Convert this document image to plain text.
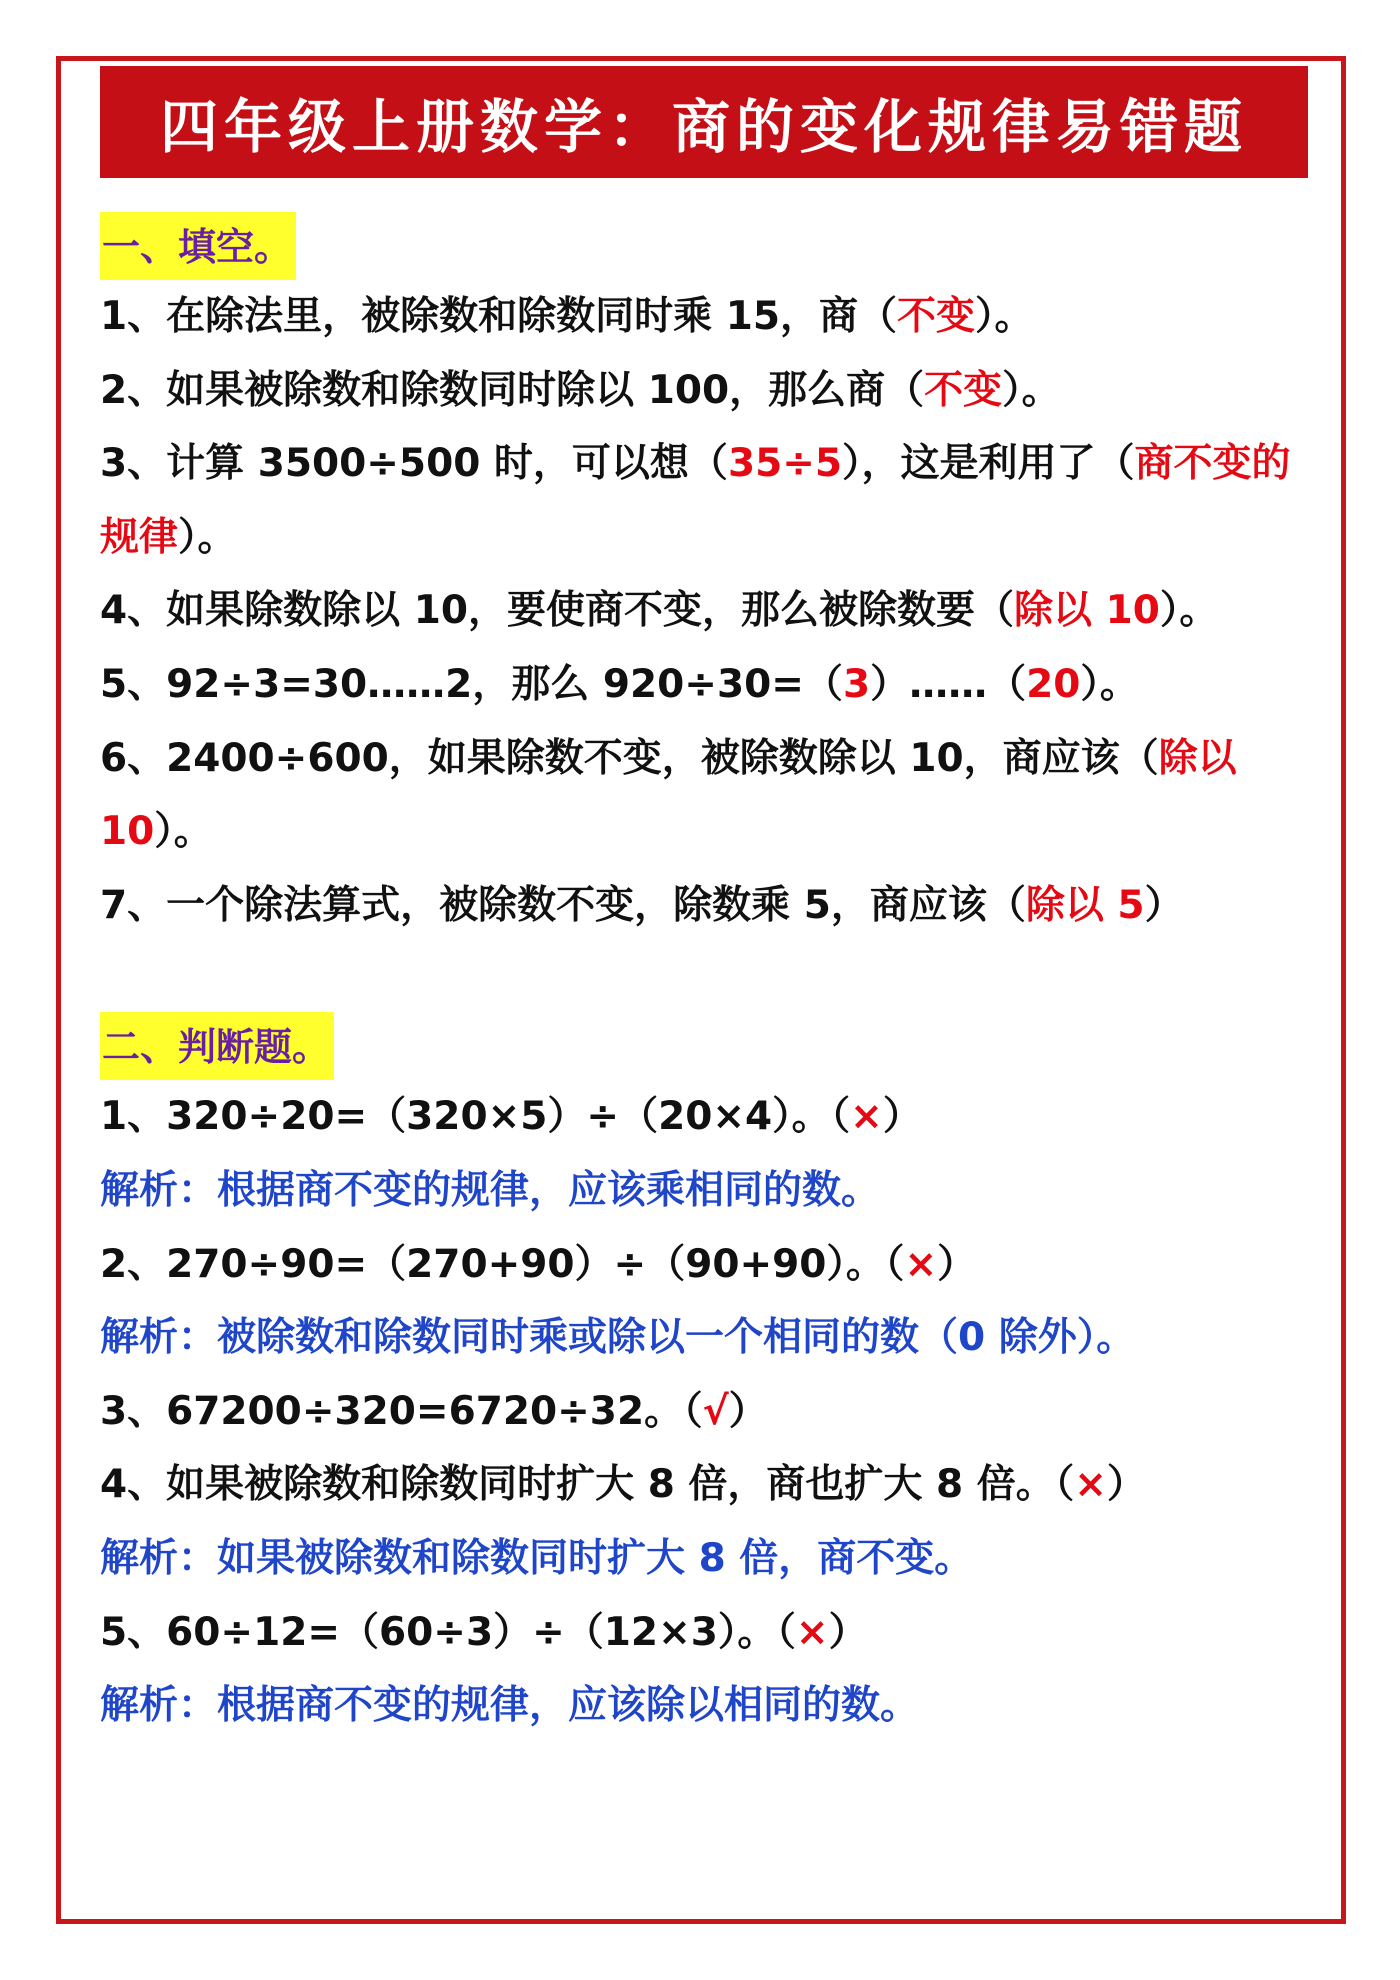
四年级上册数学：商的变化规律易错题
一、填空。

1、在除法里，被除数和除数同时乘 15，商（不变）。

2、如果被除数和除数同时除以 100，那么商（不变）。

3、计算 3500÷500 时，可以想（35÷5），这是利用了（商不变的规律）。

4、如果除数除以 10，要使商不变，那么被除数要（除以 10）。

5、92÷3=30……2，那么 920÷30=（3）……（20）。

6、2400÷600，如果除数不变，被除数除以 10，商应该（除以 10）。

7、一个除法算式，被除数不变，除数乘 5，商应该（除以 5）

二、判断题。

1、320÷20=（320×5）÷（20×4）。（×）

解析：根据商不变的规律，应该乘相同的数。

2、270÷90=（270+90）÷（90+90）。（×）

解析：被除数和除数同时乘或除以一个相同的数（0 除外）。

3、67200÷320=6720÷32。（√）

4、如果被除数和除数同时扩大 8 倍，商也扩大 8 倍。（×）

解析：如果被除数和除数同时扩大 8 倍，商不变。

5、60÷12=（60÷3）÷（12×3）。（×）

解析：根据商不变的规律，应该除以相同的数。
